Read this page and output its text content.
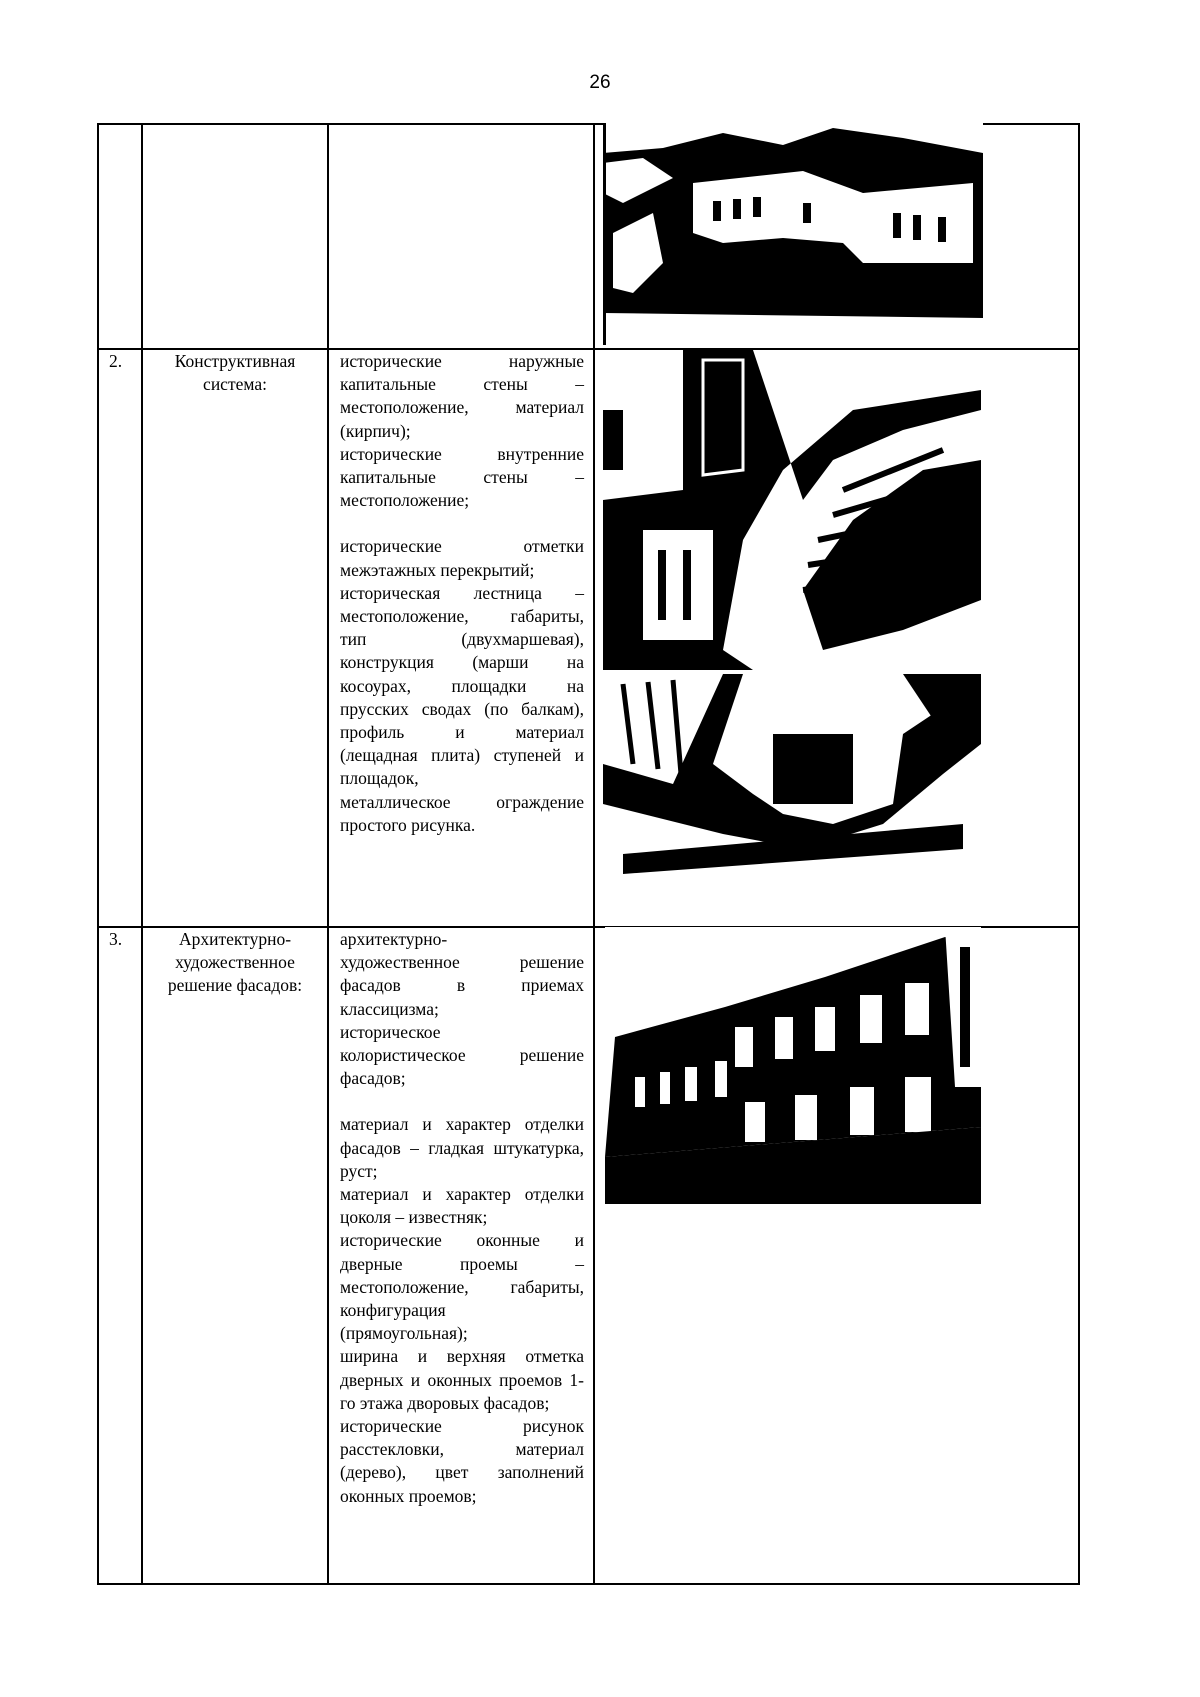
26
2.	Конструктивная
система:

исторические наружные
капитальные стены –
местоположение, материал
(кирпич);

исторические внутренние
капитальные стены –
местоположение;

исторические отметки
межэтажных перекрытий;

историческая лестница –
местоположение, габариты,
тип (двухмаршевая),
конструкция (марши на
косоурах, площадки на
прусских сводах (по балкам),
профиль и материал
(лещадная плита) ступеней и
площадок,

металлическое ограждение
простого рисунка.

3.	Архитектурно-
художественное
решение фасадов:

архитектурно-
художественное решение
фасадов в приемах
классицизма;

историческое
колористическое решение
фасадов;

материал и характер отделки
фасадов – гладкая штукатурка,
руст;

материал и характер отделки
цоколя – известняк;

исторические оконные и
дверные проемы –
местоположение, габариты,
конфигурация
(прямоугольная);

ширина и верхняя отметка
дверных и оконных проемов 1-
го этажа дворовых фасадов;

исторические рисунок
расстекловки, материал
(дерево), цвет заполнений
оконных проемов;
